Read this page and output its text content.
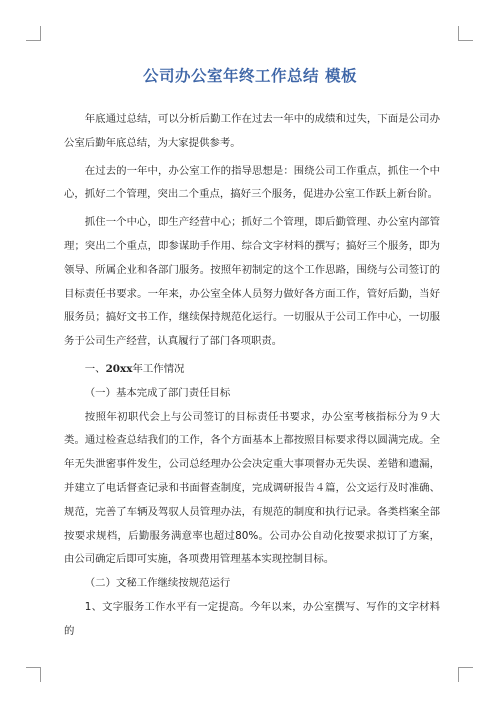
公司办公室年终工作总结 模板

年底通过总结，可以分析后勤工作在过去一年中的成绩和过失，下面是公司办公室后勤年底总结，为大家提供参考。

在过去的一年中，办公室工作的指导思想是：围绕公司工作重点，抓住一个中心，抓好二个管理，突出二个重点，搞好三个服务，促进办公室工作跃上新台阶。

抓住一个中心，即生产经营中心；抓好二个管理，即后勤管理、办公室内部管理；突出二个重点，即参谋助手作用、综合文字材料的撰写；搞好三个服务，即为领导、所属企业和各部门服务。按照年初制定的这个工作思路，围绕与公司签订的目标责任书要求。一年来，办公室全体人员努力做好各方面工作，管好后勤，当好服务员；搞好文书工作，继续保持规范化运行。一切服从于公司工作中心，一切服务于公司生产经营，认真履行了部门各项职责。

一、20xx年工作情况

（一）基本完成了部门责任目标

按照年初职代会上与公司签订的目标责任书要求，办公室考核指标分为９大类。通过检查总结我们的工作，各个方面基本上都按照目标要求得以圆满完成。全年无失泄密事件发生，公司总经理办公会决定重大事项督办无失误、差错和遗漏，并建立了电话督查记录和书面督查制度，完成调研报告４篇，公文运行及时准确、规范，完善了车辆及驾驭人员管理办法，有规范的制度和执行记录。各类档案全部按要求规档，后勤服务满意率也超过80%。公司办公自动化按要求拟订了方案，由公司确定后即可实施，各项费用管理基本实现控制目标。

（二）文秘工作继续按规范运行

1、文字服务工作水平有一定提高。今年以来，办公室撰写、写作的文字材料的
